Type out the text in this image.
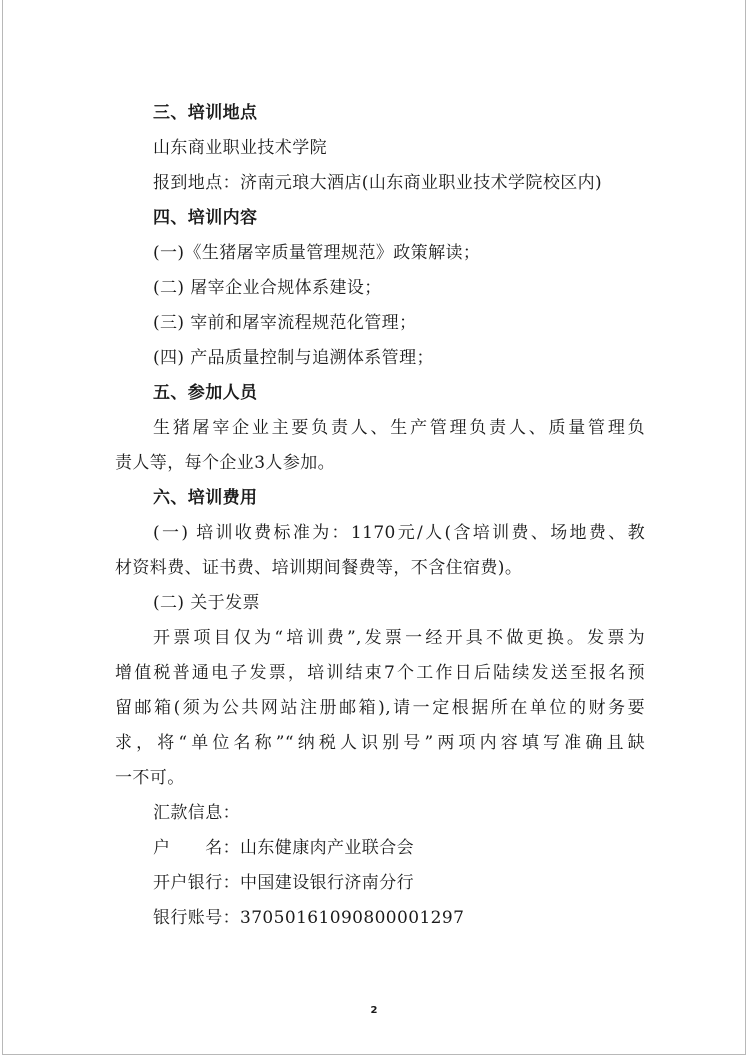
三、培训地点
山东商业职业技术学院
报到地点：济南元琅大酒店(山东商业职业技术学院校区内)
四、培训内容
(一)《生猪屠宰质量管理规范》政策解读；
(二) 屠宰企业合规体系建设；
(三) 宰前和屠宰流程规范化管理；
(四) 产品质量控制与追溯体系管理；
五、参加人员
生猪屠宰企业主要负责人、生产管理负责人、质量管理负
责人等，每个企业3人参加。
六、培训费用
(一) 培训收费标准为：1170元/人(含培训费、场地费、教
材资料费、证书费、培训期间餐费等，不含住宿费)。
(二) 关于发票
开票项目仅为“培训费”,发票一经开具不做更换。发票为
增值税普通电子发票，培训结束7个工作日后陆续发送至报名预
留邮箱(须为公共网站注册邮箱),请一定根据所在单位的财务要
求，将“单位名称”“纳税人识别号”两项内容填写准确且缺
一不可。
汇款信息：
户　　名：山东健康肉产业联合会
开户银行：中国建设银行济南分行
银行账号：37050161090800001297
2
